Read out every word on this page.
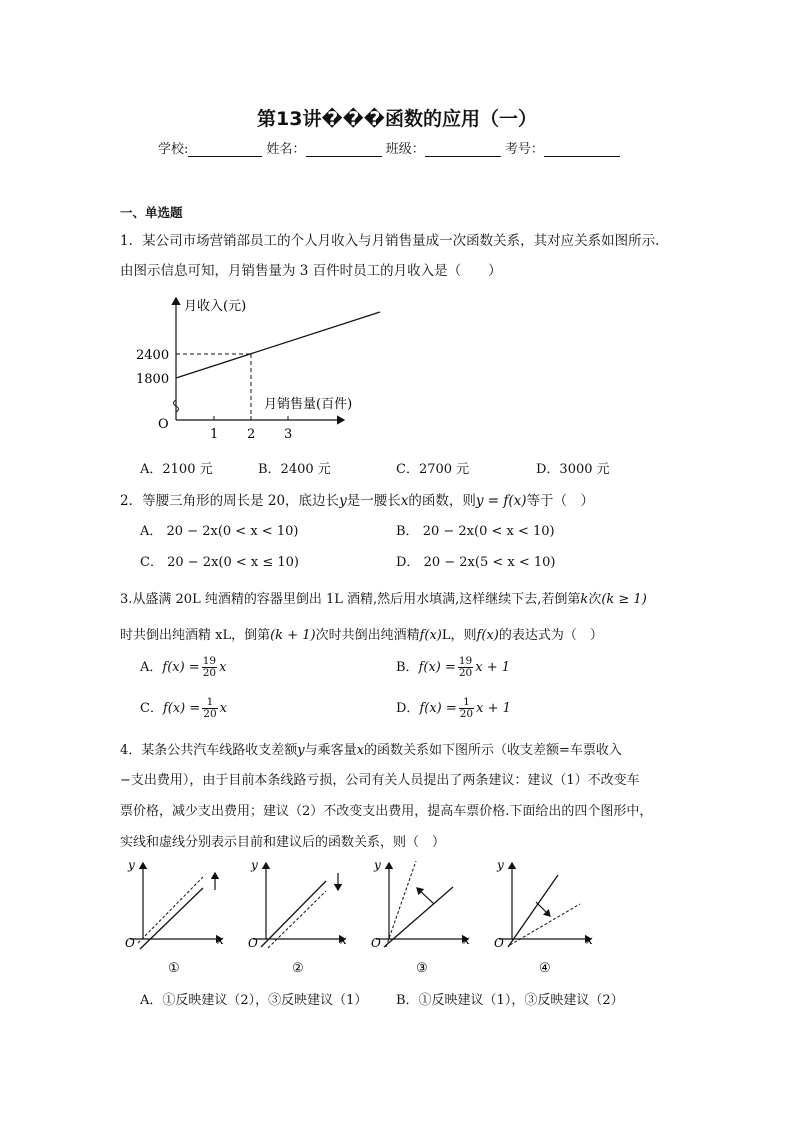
第13讲���函数的应用（一）
学校:	姓名：	班级：	考号：
一、单选题
1．某公司市场营销部员工的个人月收入与月销售量成一次函数关系，其对应关系如图所示.
由图示信息可知，月销售量为 3 百件时员工的月收入是（　　）
月收入(元)
月销售量(百件)
2400
1800
O
1 2 3
A．2100 元	B．2400 元	C．2700 元	D．3000 元
2．等腰三角形的周长是 20，底边长y是一腰长x的函数，则y = f(x)等于（　）
A． 20 − 2x(0 < x < 10)	B． 20 − 2x(0 < x < 10)
C． 20 − 2x(0 < x ≤ 10)	D． 20 − 2x(5 < x < 10)
3.从盛满 20L 纯酒精的容器里倒出 1L 酒精,然后用水填满,这样继续下去,若倒第k次(k ≥ 1)
时共倒出纯酒精 xL，倒第(k + 1)次时共倒出纯酒精f(x)L，则f(x)的表达式为（　）
A．$f(x) = \frac{19}{20}$ x	B．$f(x) = \frac{19}{20}$ x + 1
C．$f(x) = \frac{1}{20}$ x	D．$f(x) = \frac{1}{20}$ x + 1
4．某条公共汽车线路收支差额y与乘客量x的函数关系如下图所示（收支差额=车票收入
−支出费用），由于目前本条线路亏损，公司有关人员提出了两条建议：建议（1）不改变车
票价格，减少支出费用；建议（2）不改变支出费用，提高车票价格.下面给出的四个图形中，
实线和虚线分别表示目前和建议后的函数关系，则（　）
y
x
O
①
y
x
O
②
y
x
O
③
y
x
O
④
A．①反映建议（2），③反映建议（1） B．①反映建议（1），③反映建议（2）
